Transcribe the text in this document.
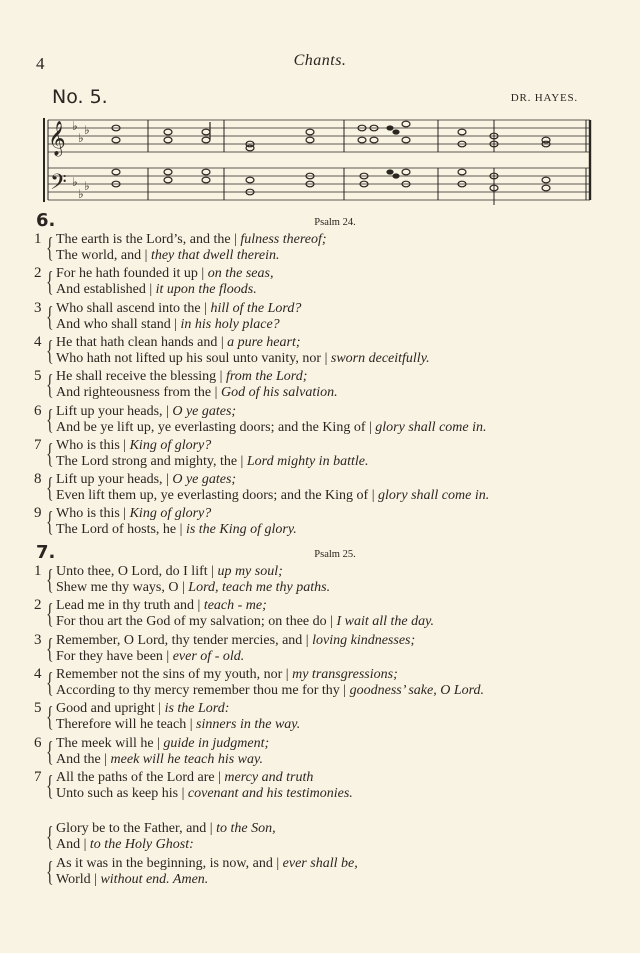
4	Chants.
No. 5.	DR. HAYES.
𝄞
𝄢
♭
♭
♭
♭
♭
♭
6.	Psalm 24.
1 { The earth is the Lord’s, and the | fulness thereof;
The world, and | they that dwell therein.
2 { For he hath founded it up | on the seas,
And established | it upon the floods.
3 { Who shall ascend into the | hill of the Lord?
And who shall stand | in his holy place?
4 { He that hath clean hands and | a pure heart;
Who hath not lifted up his soul unto vanity, nor | sworn deceitfully.
5 { He shall receive the blessing | from the Lord;
And righteousness from the | God of his salvation.
6 { Lift up your heads, | O ye gates;
And be ye lift up, ye everlasting doors; and the King of | glory shall come in.
7 { Who is this | King of glory?
The Lord strong and mighty, the | Lord mighty in battle.
8 { Lift up your heads, | O ye gates;
Even lift them up, ye everlasting doors; and the King of | glory shall come in.
9 { Who is this | King of glory?
The Lord of hosts, he | is the King of glory.
7.	Psalm 25.
1 { Unto thee, O Lord, do I lift | up my soul;
Shew me thy ways, O | Lord, teach me thy paths.
2 { Lead me in thy truth and | teach - me;
For thou art the God of my salvation; on thee do | I wait all the day.
3 { Remember, O Lord, thy tender mercies, and | loving kindnesses;
For they have been | ever of - old.
4 { Remember not the sins of my youth, nor | my transgressions;
According to thy mercy remember thou me for thy | goodness’ sake, O Lord.
5 { Good and upright | is the Lord:
Therefore will he teach | sinners in the way.
6 { The meek will he | guide in judgment;
And the | meek will he teach his way.
7 { All the paths of the Lord are | mercy and truth
Unto such as keep his | covenant and his testimonies.
{ Glory be to the Father, and | to the Son,
And | to the Holy Ghost:
{ As it was in the beginning, is now, and | ever shall be,
World | without end. Amen.
